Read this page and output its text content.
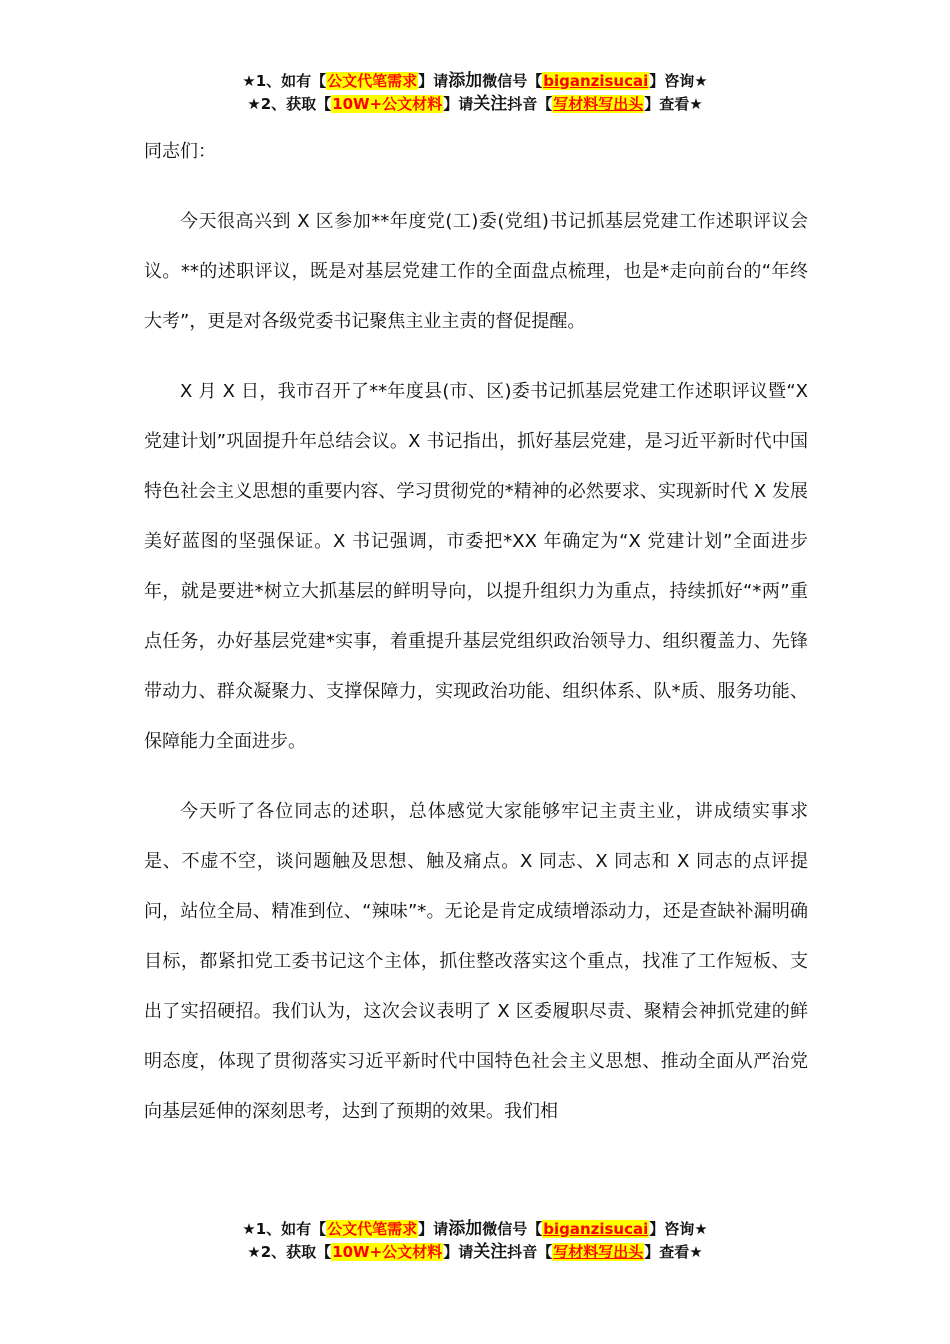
★1、如有【公文代笔需求】请添加微信号【biganzisucai】咨询★
★2、获取【10W+公文材料】请关注抖音【写材料写出头】查看★

同志们：

今天很高兴到 X 区参加**年度党(工)委(党组)书记抓基层党建工作述职评议会议。**的述职评议，既是对基层党建工作的全面盘点梳理，也是*走向前台的“年终大考”，更是对各级党委书记聚焦主业主责的督促提醒。

X 月 X 日，我市召开了**年度县(市、区)委书记抓基层党建工作述职评议暨“X 党建计划”巩固提升年总结会议。X 书记指出，抓好基层党建，是习近平新时代中国特色社会主义思想的重要内容、学习贯彻党的*精神的必然要求、实现新时代 X 发展美好蓝图的坚强保证。X 书记强调，市委把*XX 年确定为“X 党建计划”全面进步年，就是要进*树立大抓基层的鲜明导向，以提升组织力为重点，持续抓好“*两”重点任务，办好基层党建*实事，着重提升基层党组织政治领导力、组织覆盖力、先锋带动力、群众凝聚力、支撑保障力，实现政治功能、组织体系、队*质、服务功能、保障能力全面进步。

今天听了各位同志的述职，总体感觉大家能够牢记主责主业，讲成绩实事求是、不虚不空，谈问题触及思想、触及痛点。X 同志、X 同志和 X 同志的点评提问，站位全局、精准到位、“辣味”*。无论是肯定成绩增添动力，还是查缺补漏明确目标，都紧扣党工委书记这个主体，抓住整改落实这个重点，找准了工作短板、支出了实招硬招。我们认为，这次会议表明了 X 区委履职尽责、聚精会神抓党建的鲜明态度，体现了贯彻落实习近平新时代中国特色社会主义思想、推动全面从严治党向基层延伸的深刻思考，达到了预期的效果。我们相

★1、如有【公文代笔需求】请添加微信号【biganzisucai】咨询★
★2、获取【10W+公文材料】请关注抖音【写材料写出头】查看★
